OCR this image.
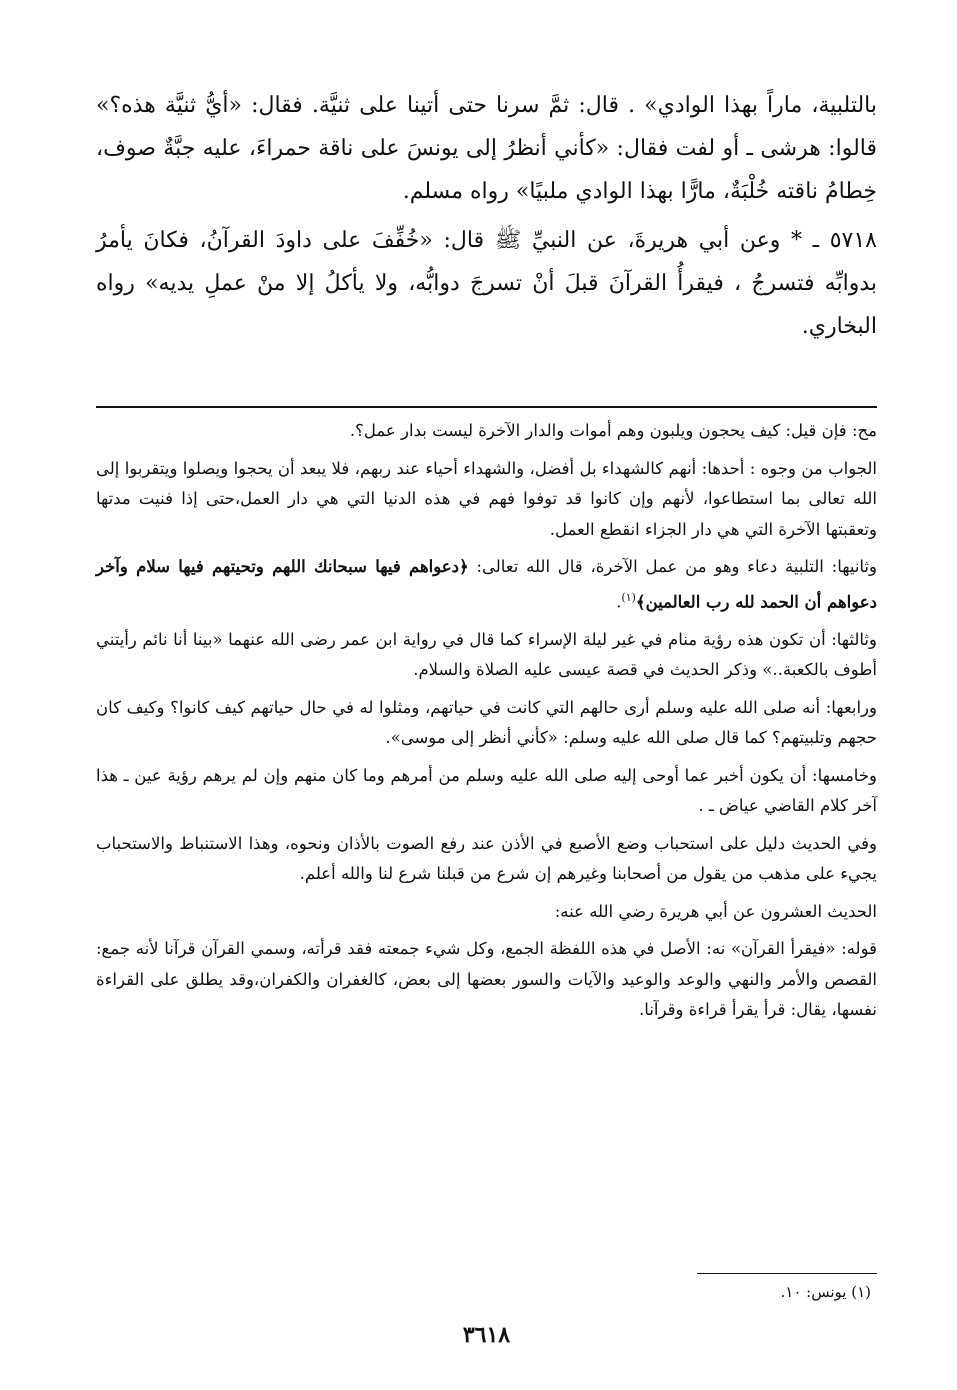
بالتلبية، ماراً بهذا الوادي» . قال: ثمَّ سرنا حتى أتينا على ثنيَّة. فقال: «أيُّ ثنيَّة هذه؟» قالوا: هرشى ـ أو لفت فقال: «كأني أنظرُ إلى يونسَ على ناقة حمراءَ، عليه جبَّةٌ صوف، خِطامُ ناقته خُلْبَةٌ، مارًّا بهذا الوادي ملبيًا» رواه مسلم.

٥٧١٨ ـ * وعن أبي هريرةَ، عن النبيِّ ﷺ قال: «خُفِّفَ على داودَ القرآنُ، فكانَ يأمرُ بدوابِّه فتسرجُ ، فيقرأُ القرآنَ قبلَ أنْ تسرجَ دوابُّه، ولا يأكلُ إلا منْ عملِ يديه» رواه البخاري.

مح: فإن قيل: كيف يحجون ويلبون وهم أموات والدار الآخرة ليست بدار عمل؟.

الجواب من وجوه : أحدها: أنهم كالشهداء بل أفضل، والشهداء أحياء عند ربهم، فلا يبعد أن يحجوا ويصلوا ويتقربوا إلى الله تعالى بما استطاعوا، لأنهم وإن كانوا قد توفوا فهم في هذه الدنيا التي هي دار العمل،حتى إذا فنيت مدتها وتعقبتها الآخرة التي هي دار الجزاء انقطع العمل.

وثانيها: التلبية دعاء وهو من عمل الآخرة، قال الله تعالى: ﴿دعواهم فيها سبحانك اللهم وتحيتهم فيها سلام وآخر دعواهم أن الحمد لله رب العالمين﴾$^{(١)}$.

وثالثها: أن تكون هذه رؤية منام في غير ليلة الإسراء كما قال في رواية ابن عمر رضى الله عنهما «بينا أنا نائم رأيتني أطوف بالكعبة..» وذكر الحديث في قصة عيسى عليه الصلاة والسلام.

ورابعها: أنه صلى الله عليه وسلم أرى حالهم التي كانت في حياتهم، ومثلوا له في حال حياتهم كيف كانوا؟ وكيف كان حجهم وتلبيتهم؟ كما قال صلى الله عليه وسلم: «كأني أنظر إلى موسى».

وخامسها: أن يكون أخبر عما أوحى إليه صلى الله عليه وسلم من أمرهم وما كان منهم وإن لم يرهم رؤية عين ـ هذا آخر كلام القاضي عياض ـ .

وفي الحديث دليل على استحباب وضع الأصبع في الأذن عند رفع الصوت بالأذان ونحوه، وهذا الاستنباط والاستحباب يجيء على مذهب من يقول من أصحابنا وغيرهم إن شرع من قبلنا شرع لنا والله أعلم.

الحديث العشرون عن أبي هريرة رضي الله عنه:

قوله: «فيقرأ القرآن» نه: الأصل في هذه اللفظة الجمع، وكل شيء جمعته فقد قرأته، وسمي القرآن قرآنا لأنه جمع: القصص والأمر والنهي والوعد والوعيد والآيات والسور بعضها إلى بعض، كالغفران والكفران،وقد يطلق على القراءة نفسها، يقال: قرأ يقرأ قراءة وقرآنا.

(١) يونس: ١٠.
٣٦١٨
